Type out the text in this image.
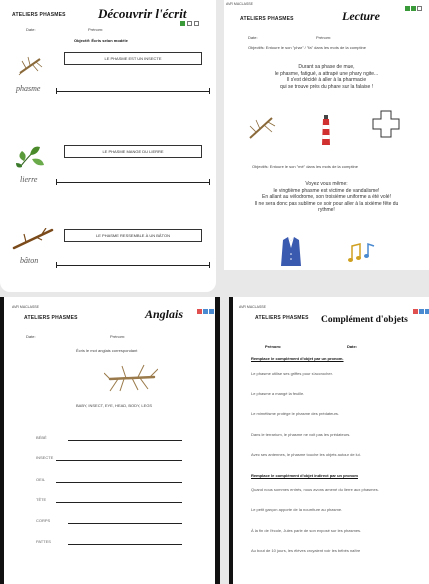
ATELIERS PHASMES Découvrir l'écrit
Date:	Prénom:
Objectif: Écris selon modèle
LE PHASME EST UN INSECTE
phasme
LE PHASME MANGE DU LIERRE
lierre
LE PHASME RESSEMBLE À UN BÂTON
bâton
AVR MACLASSE
ATELIERS PHASMES	Lecture
Date:	Prénom:
Objectifs: Entoure le son "phar" / "fa" dans les mots de la comptine
Durant sa phase de mue,
le phasme, fatigué, a attrapé une phary ngite...
Il s'est décidé à aller à la pharmacie
qui se trouve près du phare sur la falaise !
Objectifs: Entoure le son "mé" dans les mots de la comptine
Voyez vous même:
le vingtième phasme est victime de vandalisme!
En allant au vélodrome, son troisième uniforme a été volé!
Il ne sera donc pas sublime ce soir pour aller à la sixième fête du
rythme!
AVR MACLASSE
ATELIERS PHASMES	Anglais
Date:	Prénom:
Écris le mot anglais correspondant
BABY, INSECT, EYE, HEAD, BODY, LEGS
BÉBÉ
INSECTE
OEIL
TÊTE
CORPS
PATTES
AVR MACLASSE
ATELIERS PHASMES Complément d'objets
Prénom:	Date:
Remplace le complément d'objet par un pronom.
Le phasme utilise ses griffes pour s'accrocher.
Le phasme a mangé la feuille.
Le mimétisme protège le phasme des prédateurs.
Dans le terrarium, le phasme ne voit pas les prédateurs.
Avec ses antennes, le phasme touche les objets autour de lui.
Remplace le complément d'objet indirect par un pronom
Quand nous sommes entrés, nous avons amené du lierre aux phasmes.
Le petit garçon apporte de la nourriture au phasme.
À la fin de l'école, Jules parle de son exposé sur les phasmes.
Au bout de 10 jours, les élèves croyaient voir les bébés naître
